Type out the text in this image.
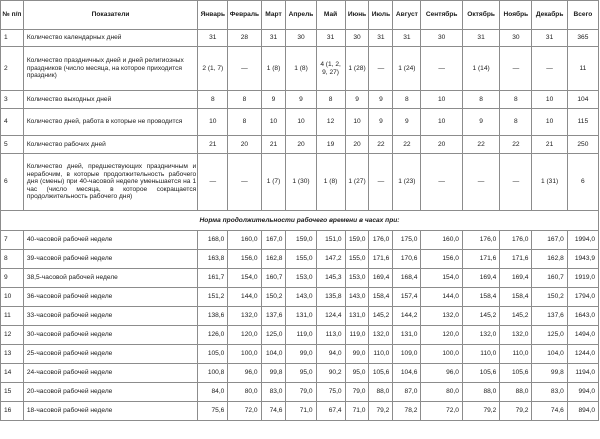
№ п/п	Показатели	Январь	Февраль	Март	Апрель	Май	Июнь	Июль	Август	Сентябрь	Октябрь	Ноябрь	Декабрь	Всего
1	Количество календарных дней	31	28	31	30	31	30	31	31	30	31	30	31	365
2	Количество праздничных дней и дней религиозных праздников (число месяца, на которое приходится праздник)	2 (1, 7)	—	1 (8)	1 (8)	4 (1, 2, 9, 27)	1 (28)	—	1 (24)	—	1 (14)	—	—	11
3	Количество выходных дней	8	8	9	9	8	9	9	8	10	8	8	10	104
4	Количество дней, работа в которые не проводится	10	8	10	10	12	10	9	9	10	9	8	10	115
5	Количество рабочих дней	21	20	21	20	19	20	22	22	20	22	22	21	250
6	Количество дней, предшествующих праздничным и нерабочим, в которые продолжительность рабочего дня (смены) при 40-часовой неделе уменьшается на 1 час (число месяца, в которое сокращается продолжительность рабочего дня)	—	—	1 (7)	1 (30)	1 (8)	1 (27)	—	1 (23)	—	—	—	1 (31)	6
Норма продолжительности рабочего времени в часах при:														
7	40-часовой рабочей неделе	168,0	160,0	167,0	159,0	151,0	159,0	176,0	175,0	160,0	176,0	176,0	167,0	1994,0
8	39-часовой рабочей неделе	163,8	156,0	162,8	155,0	147,2	155,0	171,6	170,6	156,0	171,6	171,6	162,8	1943,9
9	38,5-часовой рабочей неделе	161,7	154,0	160,7	153,0	145,3	153,0	169,4	168,4	154,0	169,4	169,4	160,7	1919,0
10	36-часовой рабочей неделе	151,2	144,0	150,2	143,0	135,8	143,0	158,4	157,4	144,0	158,4	158,4	150,2	1794,0
11	33-часовой рабочей неделе	138,6	132,0	137,6	131,0	124,4	131,0	145,2	144,2	132,0	145,2	145,2	137,6	1643,0
12	30-часовой рабочей неделе	126,0	120,0	125,0	119,0	113,0	119,0	132,0	131,0	120,0	132,0	132,0	125,0	1494,0
13	25-часовой рабочей неделе	105,0	100,0	104,0	99,0	94,0	99,0	110,0	109,0	100,0	110,0	110,0	104,0	1244,0
14	24-часовой рабочей неделе	100,8	96,0	99,8	95,0	90,2	95,0	105,6	104,6	96,0	105,6	105,6	99,8	1194,0
15	20-часовой рабочей неделе	84,0	80,0	83,0	79,0	75,0	79,0	88,0	87,0	80,0	88,0	88,0	83,0	994,0
16	18-часовой рабочей неделе	75,6	72,0	74,6	71,0	67,4	71,0	79,2	78,2	72,0	79,2	79,2	74,6	894,0
